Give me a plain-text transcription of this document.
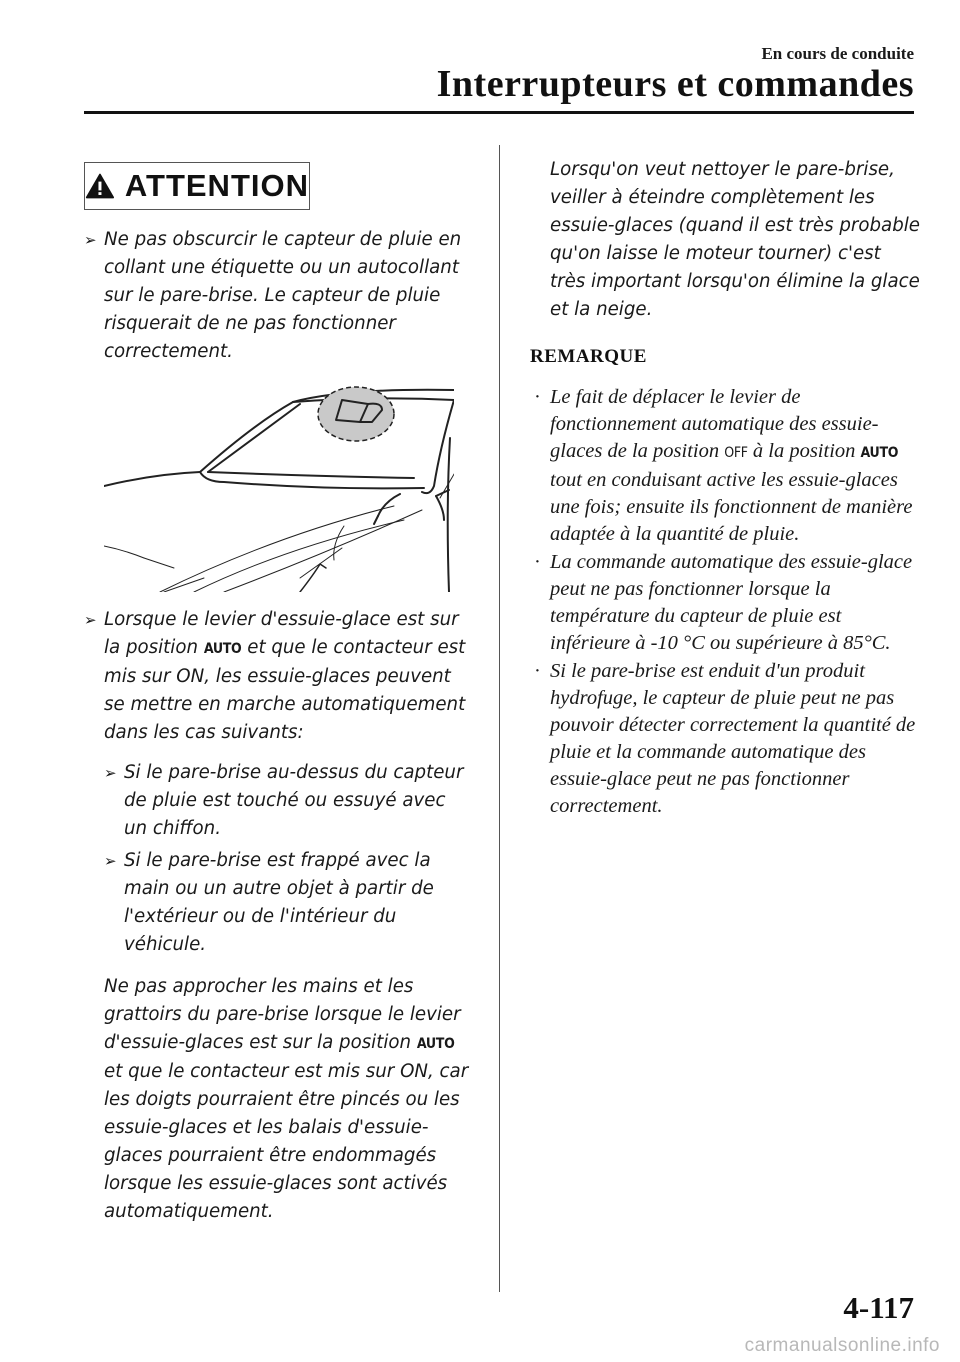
En cours de conduite
Interrupteurs et commandes
ATTENTION
➢ Ne pas obscurcir le capteur de pluie en collant une étiquette ou un autocollant sur le pare-brise. Le capteur de pluie risquerait de ne pas fonctionner correctement.
➢ Lorsque le levier d'essuie-glace est sur la position AUTO et que le contacteur est mis sur ON, les essuie-glaces peuvent se mettre en marche automatiquement dans les cas suivants:
➢ Si le pare-brise au-dessus du capteur de pluie est touché ou essuyé avec un chiffon.
➢ Si le pare-brise est frappé avec la main ou un autre objet à partir de l'extérieur ou de l'intérieur du véhicule.
Ne pas approcher les mains et les grattoirs du pare-brise lorsque le levier d'essuie-glaces est sur la position AUTO et que le contacteur est mis sur ON, car les doigts pourraient être pincés ou les essuie-glaces et les balais d'essuie-glaces pourraient être endommagés lorsque les essuie-glaces sont activés automatiquement.
Lorsqu'on veut nettoyer le pare-brise, veiller à éteindre complètement les essuie-glaces (quand il est très probable qu'on laisse le moteur tourner) c'est très important lorsqu'on élimine la glace et la neige.
REMARQUE
· Le fait de déplacer le levier de fonctionnement automatique des essuie-glaces de la position OFF à la position AUTO tout en conduisant active les essuie-glaces une fois; ensuite ils fonctionnent de manière adaptée à la quantité de pluie.
· La commande automatique des essuie-glace peut ne pas fonctionner lorsque la température du capteur de pluie est inférieure à -10 °C ou supérieure à 85°C.
· Si le pare-brise est enduit d'un produit hydrofuge, le capteur de pluie peut ne pas pouvoir détecter correctement la quantité de pluie et la commande automatique des essuie-glace peut ne pas fonctionner correctement.
4-117
carmanualsonline.info
